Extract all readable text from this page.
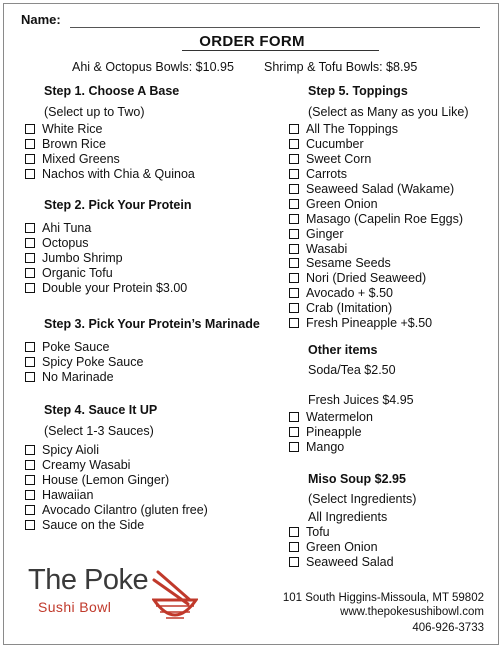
Name:
ORDER FORM
Ahi & Octopus Bowls: $10.95 Shrimp & Tofu Bowls: $8.95
Step 1. Choose A Base
(Select up to Two)
White Rice
Brown Rice
Mixed Greens
Nachos with Chia & Quinoa
Step 2. Pick Your Protein
Ahi Tuna
Octopus
Jumbo Shrimp
Organic Tofu
Double your Protein $3.00
Step 3. Pick Your Protein’s Marinade
Poke Sauce
Spicy Poke Sauce
No Marinade
Step 4. Sauce It UP
(Select 1-3 Sauces)
Spicy Aioli
Creamy Wasabi
House (Lemon Ginger)
Hawaiian
Avocado Cilantro (gluten free)
Sauce on the Side
Step 5. Toppings
(Select as Many as you Like)
All The Toppings
Cucumber
Sweet Corn
Carrots
Seaweed Salad (Wakame)
Green Onion
Masago (Capelin Roe Eggs)
Ginger
Wasabi
Sesame Seeds
Nori (Dried Seaweed)
Avocado + $.50
Crab (Imitation)
Fresh Pineapple +$.50
Other items
Soda/Tea $2.50
Fresh Juices $4.95
Watermelon
Pineapple
Mango
Miso Soup $2.95
(Select Ingredients)
All Ingredients
Tofu
Green Onion
Seaweed Salad
The Poke
Sushi Bowl
101 South Higgins-Missoula, MT 59802
www.thepokesushibowl.com
406-926-3733
